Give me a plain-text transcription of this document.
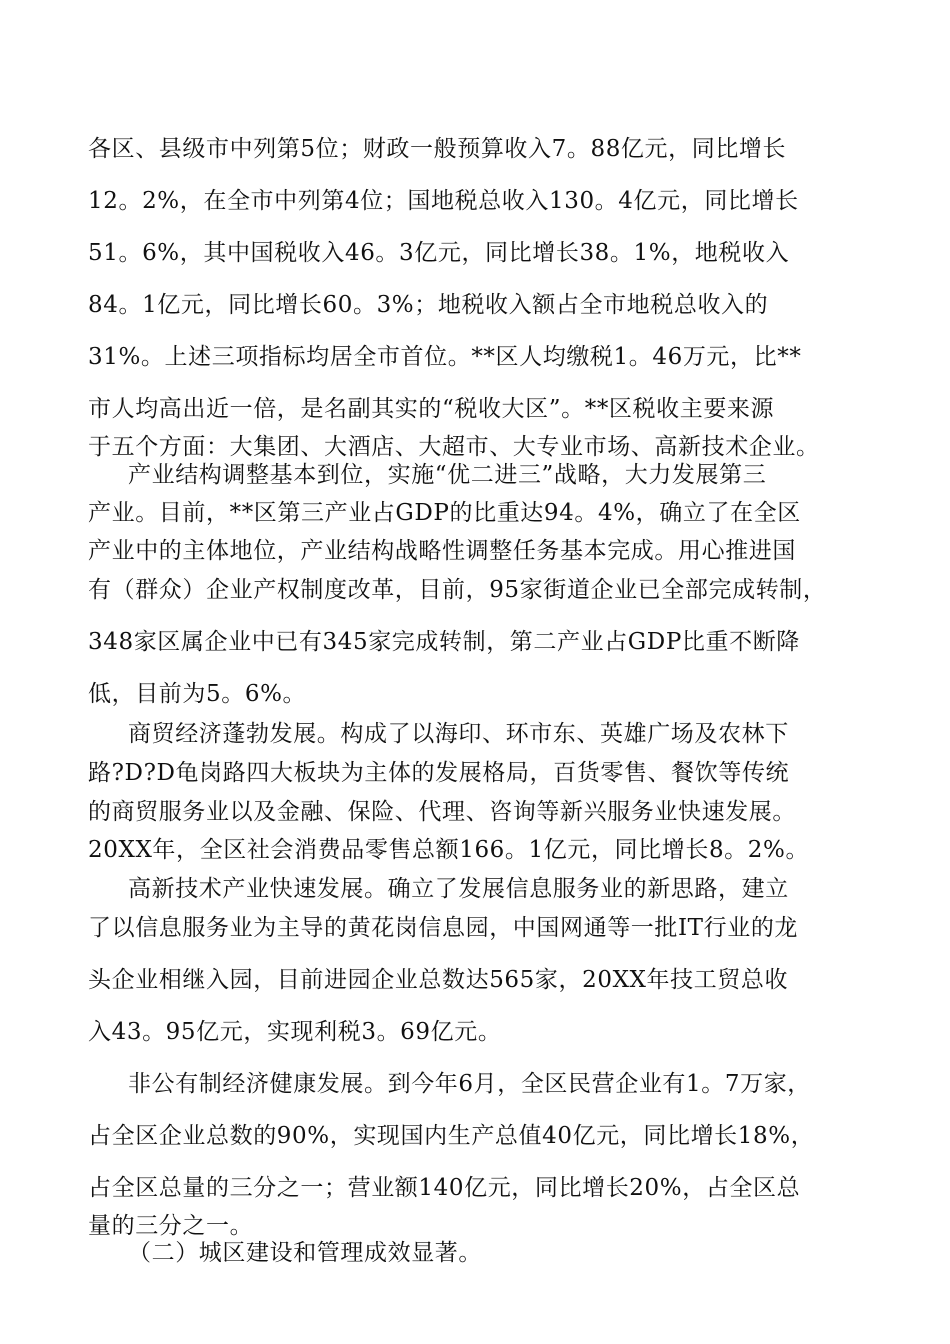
各区、县级市中列第5位；财政一般预算收入7。88亿元，同比增长
12。2%，在全市中列第4位；国地税总收入130。4亿元，同比增长
51。6%，其中国税收入46。3亿元，同比增长38。1%，地税收入
84。1亿元，同比增长60。3%；地税收入额占全市地税总收入的
31%。上述三项指标均居全市首位。**区人均缴税1。46万元，比**
市人均高出近一倍，是名副其实的“税收大区”。**区税收主要来源
于五个方面：大集团、大酒店、大超市、大专业市场、高新技术企业。
产业结构调整基本到位，实施“优二进三”战略，大力发展第三
产业。目前，**区第三产业占GDP的比重达94。4%，确立了在全区
产业中的主体地位，产业结构战略性调整任务基本完成。用心推进国
有（群众）企业产权制度改革，目前，95家街道企业已全部完成转制，
348家区属企业中已有345家完成转制，第二产业占GDP比重不断降
低，目前为5。6%。
商贸经济蓬勃发展。构成了以海印、环市东、英雄广场及农林下
路?D?D龟岗路四大板块为主体的发展格局，百货零售、餐饮等传统
的商贸服务业以及金融、保险、代理、咨询等新兴服务业快速发展。
20XX年，全区社会消费品零售总额166。1亿元，同比增长8。2%。
高新技术产业快速发展。确立了发展信息服务业的新思路，建立
了以信息服务业为主导的黄花岗信息园，中国网通等一批IT行业的龙
头企业相继入园，目前进园企业总数达565家，20XX年技工贸总收
入43。95亿元，实现利税3。69亿元。
非公有制经济健康发展。到今年6月，全区民营企业有1。7万家，
占全区企业总数的90%，实现国内生产总值40亿元，同比增长18%，
占全区总量的三分之一；营业额140亿元，同比增长20%，占全区总
量的三分之一。
（二）城区建设和管理成效显著。
